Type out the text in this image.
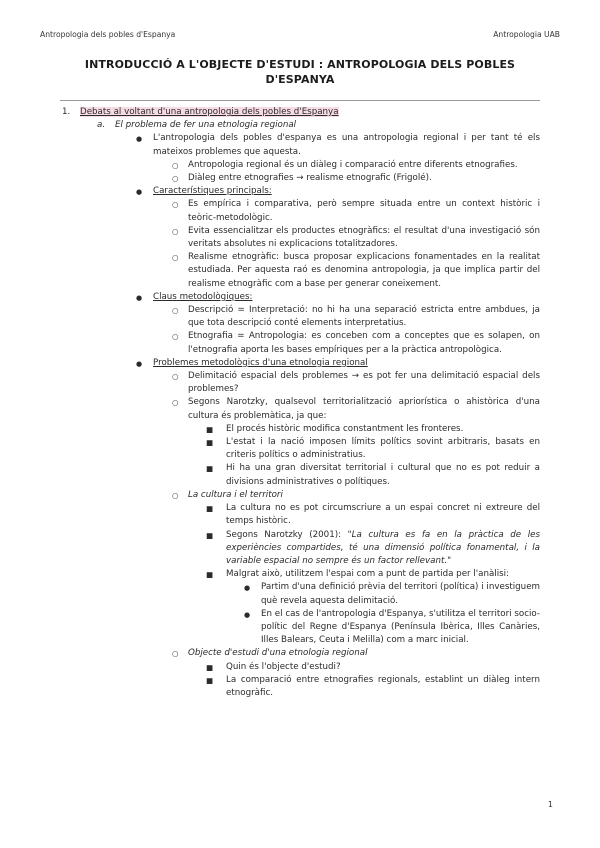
Antropologia dels pobles d'Espanya	Antropologia UAB
INTRODUCCIÓ A L'OBJECTE D'ESTUDI : ANTROPOLOGIA DELS POBLES D'ESPANYA
1. Debats al voltant d'una antropologia dels pobles d'Espanya
a. El problema de fer una etnologia regional
● L'antropologia dels pobles d'espanya es una antropologia regional i per tant té els mateixos problemes que aquesta.
○ Antropologia regional és un diàleg i comparació entre diferents etnografies.
○ Diàleg entre etnografies → realisme etnografic (Frigolé).
● Característiques principals:
○ Es empírica i comparativa, però sempre situada entre un context històric i teòric-metodològic.
○ Evita essencialitzar els productes etnogràfics: el resultat d'una investigació són veritats absolutes ni explicacions totalitzadores.
○ Realisme etnogràfic: busca proposar explicacions fonamentades en la realitat estudiada. Per aquesta raó es denomina antropologia, ja que implica partir del realisme etnogràfic com a base per generar coneixement.
● Claus metodològiques:
○ Descripció = Interpretació: no hi ha una separació estricta entre ambdues, ja que tota descripció conté elements interpretatius.
○ Etnografia = Antropologia: es conceben com a conceptes que es solapen, on l'etnografia aporta les bases empíriques per a la pràctica antropològica.
● Problemes metodològics d'una etnologia regional
○ Delimitació espacial dels problemes → es pot fer una delimitació espacial dels problemes?
○ Segons Narotzky, qualsevol territorialització apriorística o ahistòrica d'una cultura és problemàtica, ja que:
■ El procés històric modifica constantment les fronteres.
■ L'estat i la nació imposen límits polítics sovint arbitraris, basats en criteris polítics o administratius.
■ Hi ha una gran diversitat territorial i cultural que no es pot reduir a divisions administratives o polítiques.
○ La cultura i el territori
■ La cultura no es pot circumscriure a un espai concret ni extreure del temps històric.
■ Segons Narotzky (2001): "La cultura es fa en la pràctica de les experiències compartides, té una dimensió política fonamental, i la variable espacial no sempre és un factor rellevant."
■ Malgrat això, utilitzem l'espai com a punt de partida per l'anàlisi:
● Partim d'una definició prèvia del territori (política) i investiguem què revela aquesta delimitació.
● En el cas de l'antropologia d'Espanya, s'utilitza el territori socio-polític del Regne d'Espanya (Península Ibèrica, Illes Canàries, Illes Balears, Ceuta i Melilla) com a marc inicial.
○ Objecte d'estudi d'una etnologia regional
■ Quin és l'objecte d'estudi?
■ La comparació entre etnografies regionals, establint un diàleg intern etnogràfic.
1
